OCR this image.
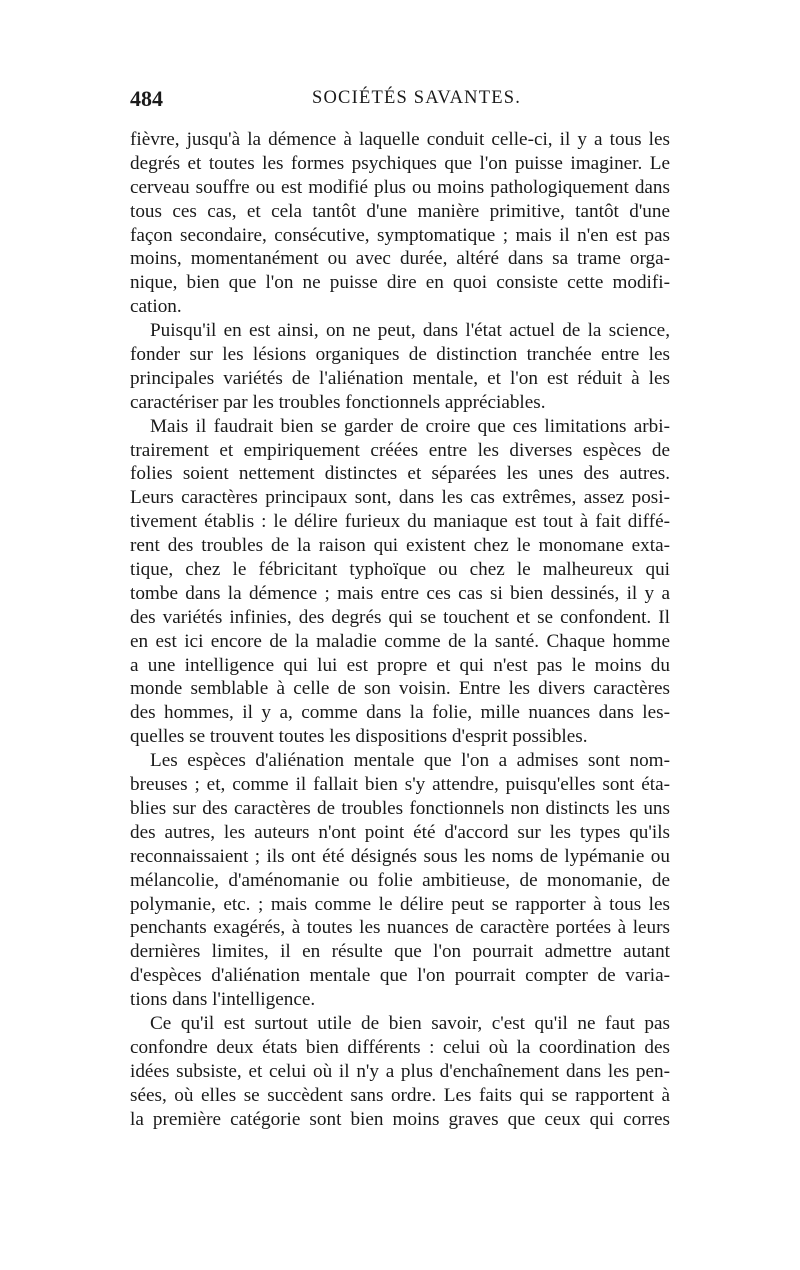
484	SOCIÉTÉS SAVANTES.
fièvre, jusqu'à la démence à laquelle conduit celle-ci, il y a tous les
degrés et toutes les formes psychiques que l'on puisse imaginer. Le
cerveau souffre ou est modifié plus ou moins pathologiquement dans
tous ces cas, et cela tantôt d'une manière primitive, tantôt d'une
façon secondaire, consécutive, symptomatique ; mais il n'en est pas
moins, momentanément ou avec durée, altéré dans sa trame orga-
nique, bien que l'on ne puisse dire en quoi consiste cette modifi-
cation.
Puisqu'il en est ainsi, on ne peut, dans l'état actuel de la science,
fonder sur les lésions organiques de distinction tranchée entre les
principales variétés de l'aliénation mentale, et l'on est réduit à les
caractériser par les troubles fonctionnels appréciables.
Mais il faudrait bien se garder de croire que ces limitations arbi-
trairement et empiriquement créées entre les diverses espèces de
folies soient nettement distinctes et séparées les unes des autres.
Leurs caractères principaux sont, dans les cas extrêmes, assez posi-
tivement établis : le délire furieux du maniaque est tout à fait diffé-
rent des troubles de la raison qui existent chez le monomane exta-
tique, chez le fébricitant typhoïque ou chez le malheureux qui
tombe dans la démence ; mais entre ces cas si bien dessinés, il y a
des variétés infinies, des degrés qui se touchent et se confondent. Il
en est ici encore de la maladie comme de la santé. Chaque homme
a une intelligence qui lui est propre et qui n'est pas le moins du
monde semblable à celle de son voisin. Entre les divers caractères
des hommes, il y a, comme dans la folie, mille nuances dans les-
quelles se trouvent toutes les dispositions d'esprit possibles.
Les espèces d'aliénation mentale que l'on a admises sont nom-
breuses ; et, comme il fallait bien s'y attendre, puisqu'elles sont éta-
blies sur des caractères de troubles fonctionnels non distincts les uns
des autres, les auteurs n'ont point été d'accord sur les types qu'ils
reconnaissaient ; ils ont été désignés sous les noms de lypémanie ou
mélancolie, d'aménomanie ou folie ambitieuse, de monomanie, de
polymanie, etc. ; mais comme le délire peut se rapporter à tous les
penchants exagérés, à toutes les nuances de caractère portées à leurs
dernières limites, il en résulte que l'on pourrait admettre autant
d'espèces d'aliénation mentale que l'on pourrait compter de varia-
tions dans l'intelligence.
Ce qu'il est surtout utile de bien savoir, c'est qu'il ne faut pas
confondre deux états bien différents : celui où la coordination des
idées subsiste, et celui où il n'y a plus d'enchaînement dans les pen-
sées, où elles se succèdent sans ordre. Les faits qui se rapportent à
la première catégorie sont bien moins graves que ceux qui corres
